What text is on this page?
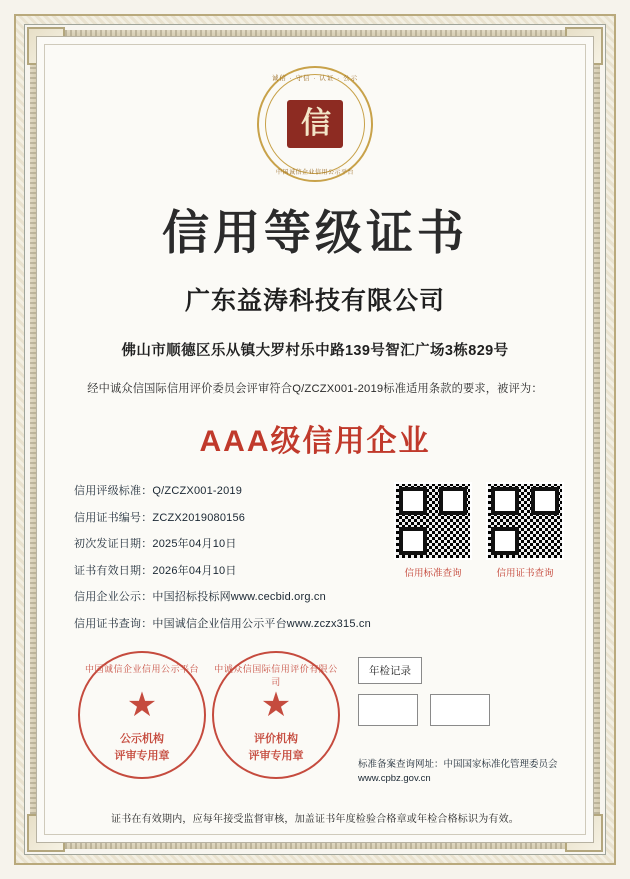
诚信 · 守信 · 认证 · 公示
信
中国诚信企业信用公示平台
信用等级证书
广东益涛科技有限公司
佛山市顺德区乐从镇大罗村乐中路139号智汇广场3栋829号
经中诚众信国际信用评价委员会评审符合Q/ZCZX001-2019标准适用条款的要求，被评为：
AAA级信用企业
信用评级标准：Q/ZCZX001-2019
信用证书编号：ZCZX2019080156
初次发证日期：2025年04月10日
证书有效日期：2026年04月10日
信用企业公示：中国招标投标网www.cecbid.org.cn
信用证书查询：中国诚信企业信用公示平台www.zczx315.cn
信用标准查询	信用证书查询
中国诚信企业信用公示平台
★
公示机构
评审专用章
中诚众信国际信用评价有限公司
★
评价机构
评审专用章
年检记录
标准备案查询网址：中国国家标准化管理委员会
www.cpbz.gov.cn
证书在有效期内，应每年接受监督审核，加盖证书年度检验合格章或年检合格标识为有效。
